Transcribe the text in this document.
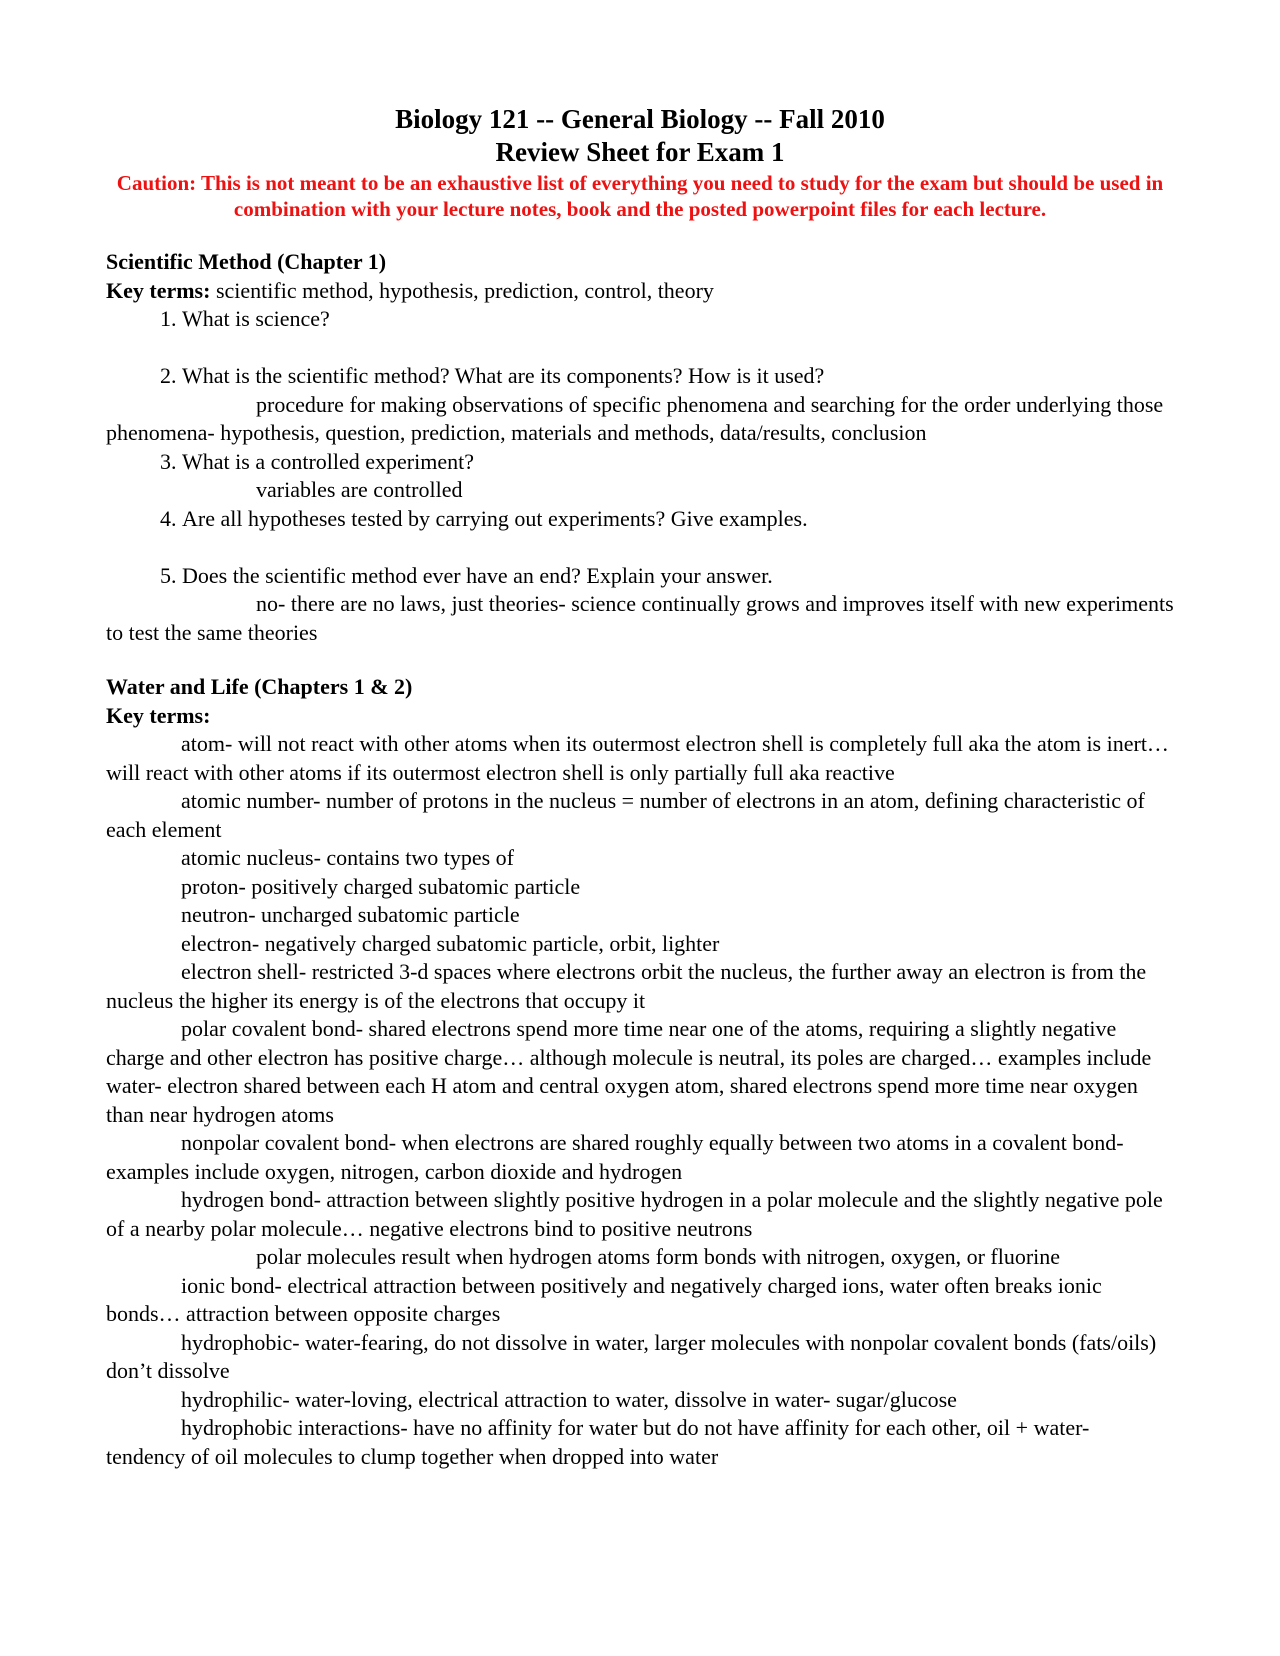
Biology 121 -- General Biology -- Fall 2010
Review Sheet for Exam 1
Caution: This is not meant to be an exhaustive list of everything you need to study for the exam but should be used in combination with your lecture notes, book and the posted powerpoint files for each lecture.
Scientific Method (Chapter 1)

Key terms: scientific method, hypothesis, prediction, control, theory

1. What is science?
2. What is the scientific method? What are its components? How is it used?

procedure for making observations of specific phenomena and searching for the order underlying those phenomena- hypothesis, question, prediction, materials and methods, data/results, conclusion

3. What is a controlled experiment?

variables are controlled

4. Are all hypotheses tested by carrying out experiments? Give examples.
5. Does the scientific method ever have an end? Explain your answer.

no- there are no laws, just theories- science continually grows and improves itself with new experiments to test the same theories

Water and Life (Chapters 1 & 2)
Key terms:

atom- will not react with other atoms when its outermost electron shell is completely full aka the atom is inert… will react with other atoms if its outermost electron shell is only partially full aka reactive

atomic number- number of protons in the nucleus = number of electrons in an atom, defining characteristic of each element

atomic nucleus- contains two types of

proton- positively charged subatomic particle

neutron- uncharged subatomic particle

electron- negatively charged subatomic particle, orbit, lighter

electron shell- restricted 3-d spaces where electrons orbit the nucleus, the further away an electron is from the nucleus the higher its energy is of the electrons that occupy it

polar covalent bond- shared electrons spend more time near one of the atoms, requiring a slightly negative charge and other electron has positive charge… although molecule is neutral, its poles are charged… examples include water- electron shared between each H atom and central oxygen atom, shared electrons spend more time near oxygen than near hydrogen atoms

nonpolar covalent bond- when electrons are shared roughly equally between two atoms in a covalent bond- examples include oxygen, nitrogen, carbon dioxide and hydrogen

hydrogen bond- attraction between slightly positive hydrogen in a polar molecule and the slightly negative pole of a nearby polar molecule… negative electrons bind to positive neutrons

polar molecules result when hydrogen atoms form bonds with nitrogen, oxygen, or fluorine

ionic bond- electrical attraction between positively and negatively charged ions, water often breaks ionic bonds… attraction between opposite charges

hydrophobic- water-fearing, do not dissolve in water, larger molecules with nonpolar covalent bonds (fats/oils) don’t dissolve

hydrophilic- water-loving, electrical attraction to water, dissolve in water- sugar/glucose

hydrophobic interactions- have no affinity for water but do not have affinity for each other, oil + water- tendency of oil molecules to clump together when dropped into water
